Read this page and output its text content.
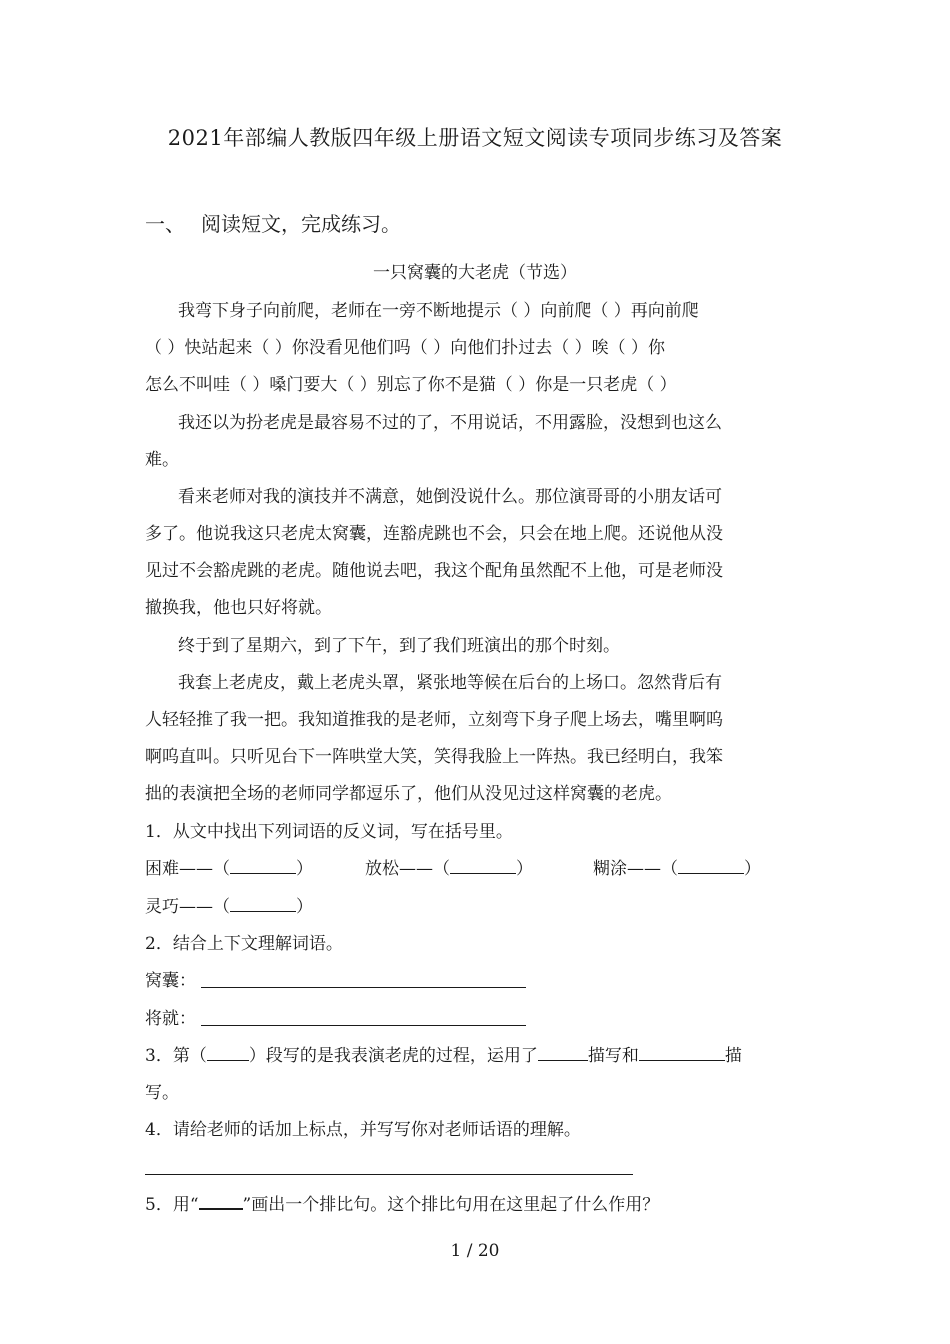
2021年部编人教版四年级上册语文短文阅读专项同步练习及答案
一、 阅读短文，完成练习。
一只窝囊的大老虎（节选）
我弯下身子向前爬，老师在一旁不断地提示（ ）向前爬（ ）再向前爬
（ ）快站起来（ ）你没看见他们吗（ ）向他们扑过去（ ）唉（ ）你
怎么不叫哇（ ）嗓门要大（ ）别忘了你不是猫（ ）你是一只老虎（ ）
我还以为扮老虎是最容易不过的了，不用说话，不用露脸，没想到也这么
难。
看来老师对我的演技并不满意，她倒没说什么。那位演哥哥的小朋友话可
多了。他说我这只老虎太窝囊，连豁虎跳也不会，只会在地上爬。还说他从没
见过不会豁虎跳的老虎。随他说去吧，我这个配角虽然配不上他，可是老师没
撤换我，他也只好将就。
终于到了星期六，到了下午，到了我们班演出的那个时刻。
我套上老虎皮，戴上老虎头罩，紧张地等候在后台的上场口。忽然背后有
人轻轻推了我一把。我知道推我的是老师，立刻弯下身子爬上场去，嘴里啊呜
啊呜直叫。只听见台下一阵哄堂大笑，笑得我脸上一阵热。我已经明白，我笨
拙的表演把全场的老师同学都逗乐了，他们从没见过这样窝囊的老虎。
1．从文中找出下列词语的反义词，写在括号里。
困难——（	）	放松——（	）	糊涂——（	）
灵巧——（	）
2．结合上下文理解词语。
窝囊：
将就：
3．第（ ）段写的是我表演老虎的过程，运用了	描写和	描
写。
4．请给老师的话加上标点，并写写你对老师话语的理解。
5．用“	”画出一个排比句。这个排比句用在这里起了什么作用？
1 / 20
